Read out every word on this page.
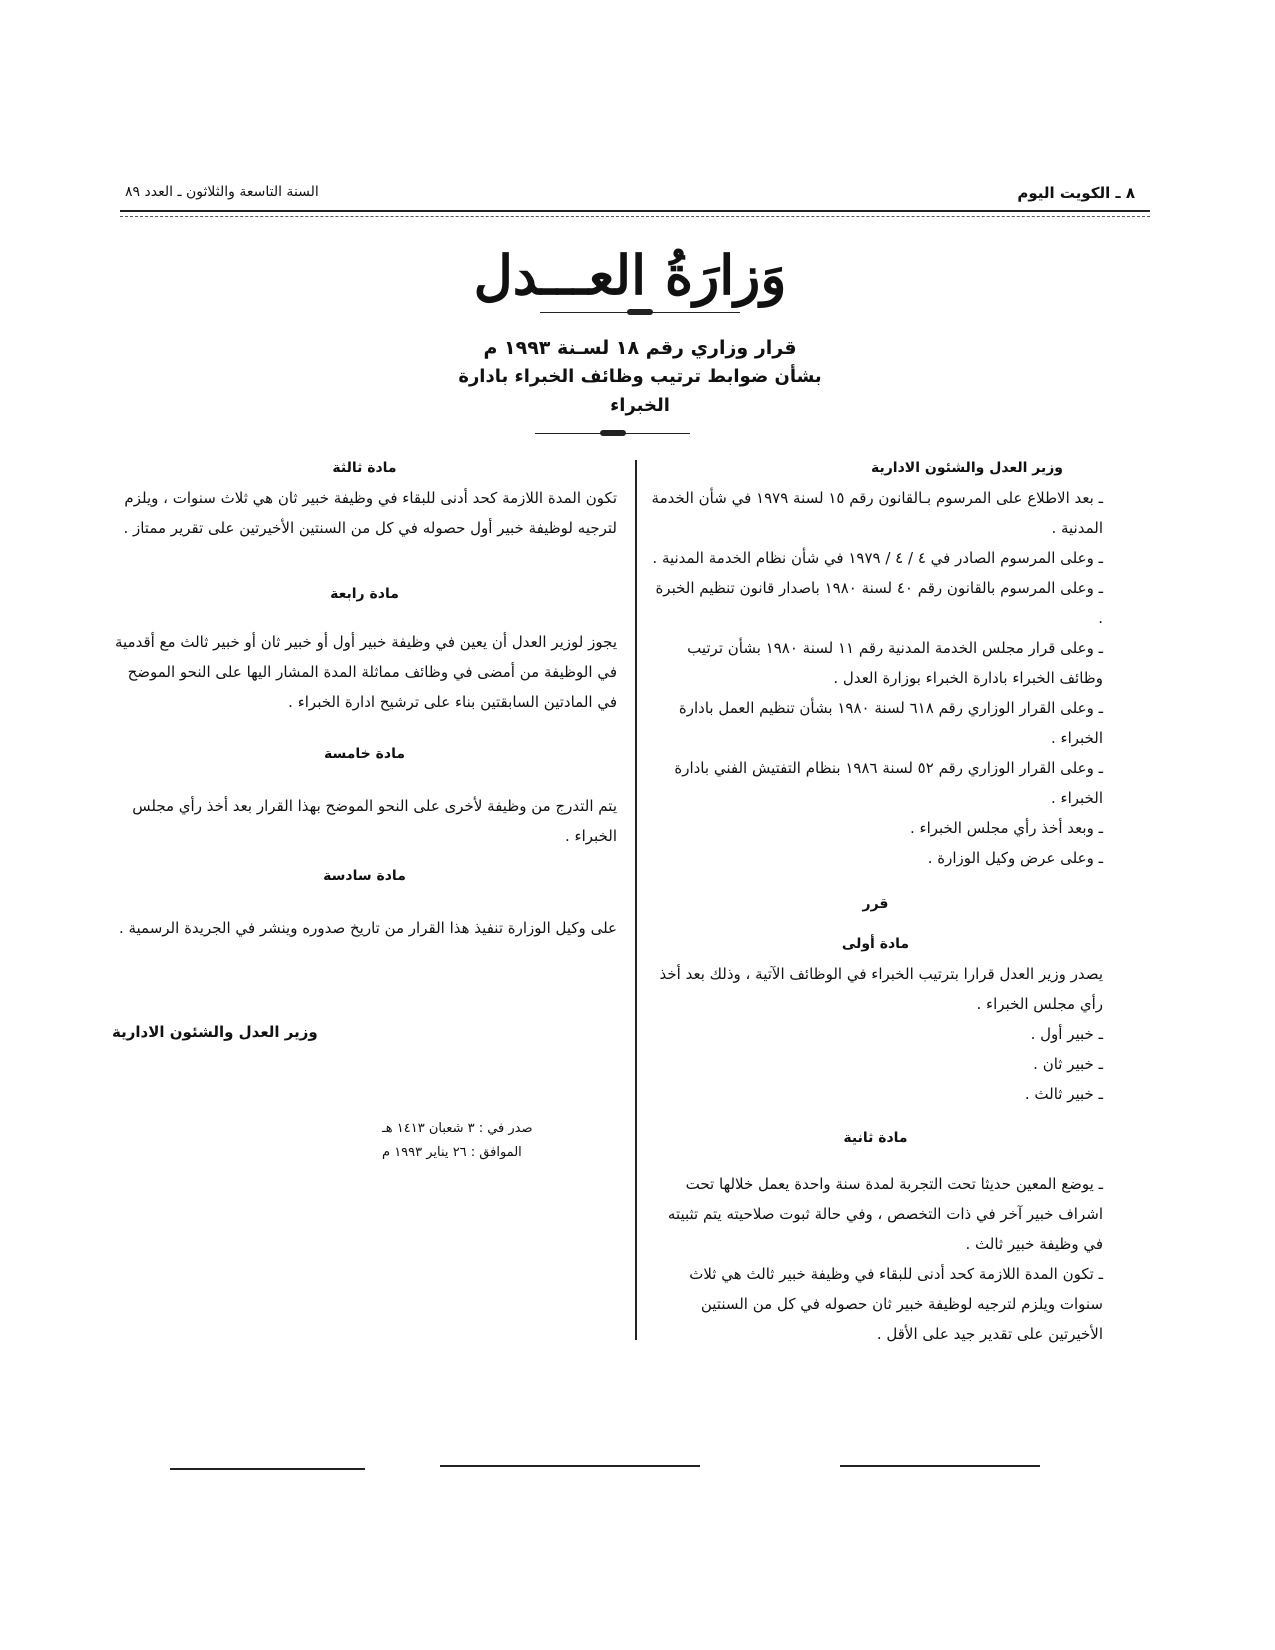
٨ ـ الكويت اليوم
السنة التاسعة والثلاثون ـ العدد ٨٩
وَزارَةُ العـــدل
قرار وزاري رقم ١٨ لسـنة ١٩٩٣ م
بشأن ضوابط ترتيب وظائف الخبراء بادارة
الخبراء

وزير العدل والشئون الادارية

ـ بعد الاطلاع على المرسوم بـالقانون رقم ١٥ لسنة ١٩٧٩ في شأن الخدمة المدنية .

ـ وعلى المرسوم الصادر في ٤ / ٤ / ١٩٧٩ في شأن نظام الخدمة المدنية .

ـ وعلى المرسوم بالقانون رقم ٤٠ لسنة ١٩٨٠ باصدار قانون تنظيم الخبرة .

ـ وعلى قرار مجلس الخدمة المدنية رقم ١١ لسنة ١٩٨٠ بشأن ترتيب وظائف الخبراء بادارة الخبراء بوزارة العدل .

ـ وعلى القرار الوزاري رقم ٦١٨ لسنة ١٩٨٠ بشأن تنظيم العمل بادارة الخبراء .

ـ وعلى القرار الوزاري رقم ٥٢ لسنة ١٩٨٦ بنظام التفتيش الفني بادارة الخبراء .

ـ وبعد أخذ رأي مجلس الخبراء .

ـ وعلى عرض وكيل الوزارة .

قرر

مادة أولى

يصدر وزير العدل قرارا بترتيب الخبراء في الوظائف الآتية ، وذلك بعد أخذ رأي مجلس الخبراء .

ـ خبير أول .

ـ خبير ثان .

ـ خبير ثالث .

مادة ثانية

ـ يوضع المعين حديثا تحت التجربة لمدة سنة واحدة يعمل خلالها تحت اشراف خبير آخر في ذات التخصص ، وفي حالة ثبوت صلاحيته يتم تثبيته في وظيفة خبير ثالث .

ـ تكون المدة اللازمة كحد أدنى للبقاء في وظيفة خبير ثالث هي ثلاث سنوات ويلزم لترجيه لوظيفة خبير ثان حصوله في كل من السنتين الأخيرتين على تقدير جيد على الأقل .

مادة ثالثة

تكون المدة اللازمة كحد أدنى للبقاء في وظيفة خبير ثان هي ثلاث سنوات ، ويلزم لترجيه لوظيفة خبير أول حصوله في كل من السنتين الأخيرتين على تقرير ممتاز .

مادة رابعة

يجوز لوزير العدل أن يعين في وظيفة خبير أول أو خبير ثان أو خبير ثالث مع أقدمية في الوظيفة من أمضى في وظائف مماثلة المدة المشار اليها على النحو الموضح في المادتين السابقتين بناء على ترشيح ادارة الخبراء .

مادة خامسة

يتم التدرج من وظيفة لأخرى على النحو الموضح بهذا القرار بعد أخذ رأي مجلس الخبراء .

مادة سادسة

على وكيل الوزارة تنفيذ هذا القرار من تاريخ صدوره وينشر في الجريدة الرسمية .

وزير العدل والشئون الادارية

صدر في : ٣ شعبان ١٤١٣ هـ

الموافق : ٢٦ يناير ١٩٩٣ م
